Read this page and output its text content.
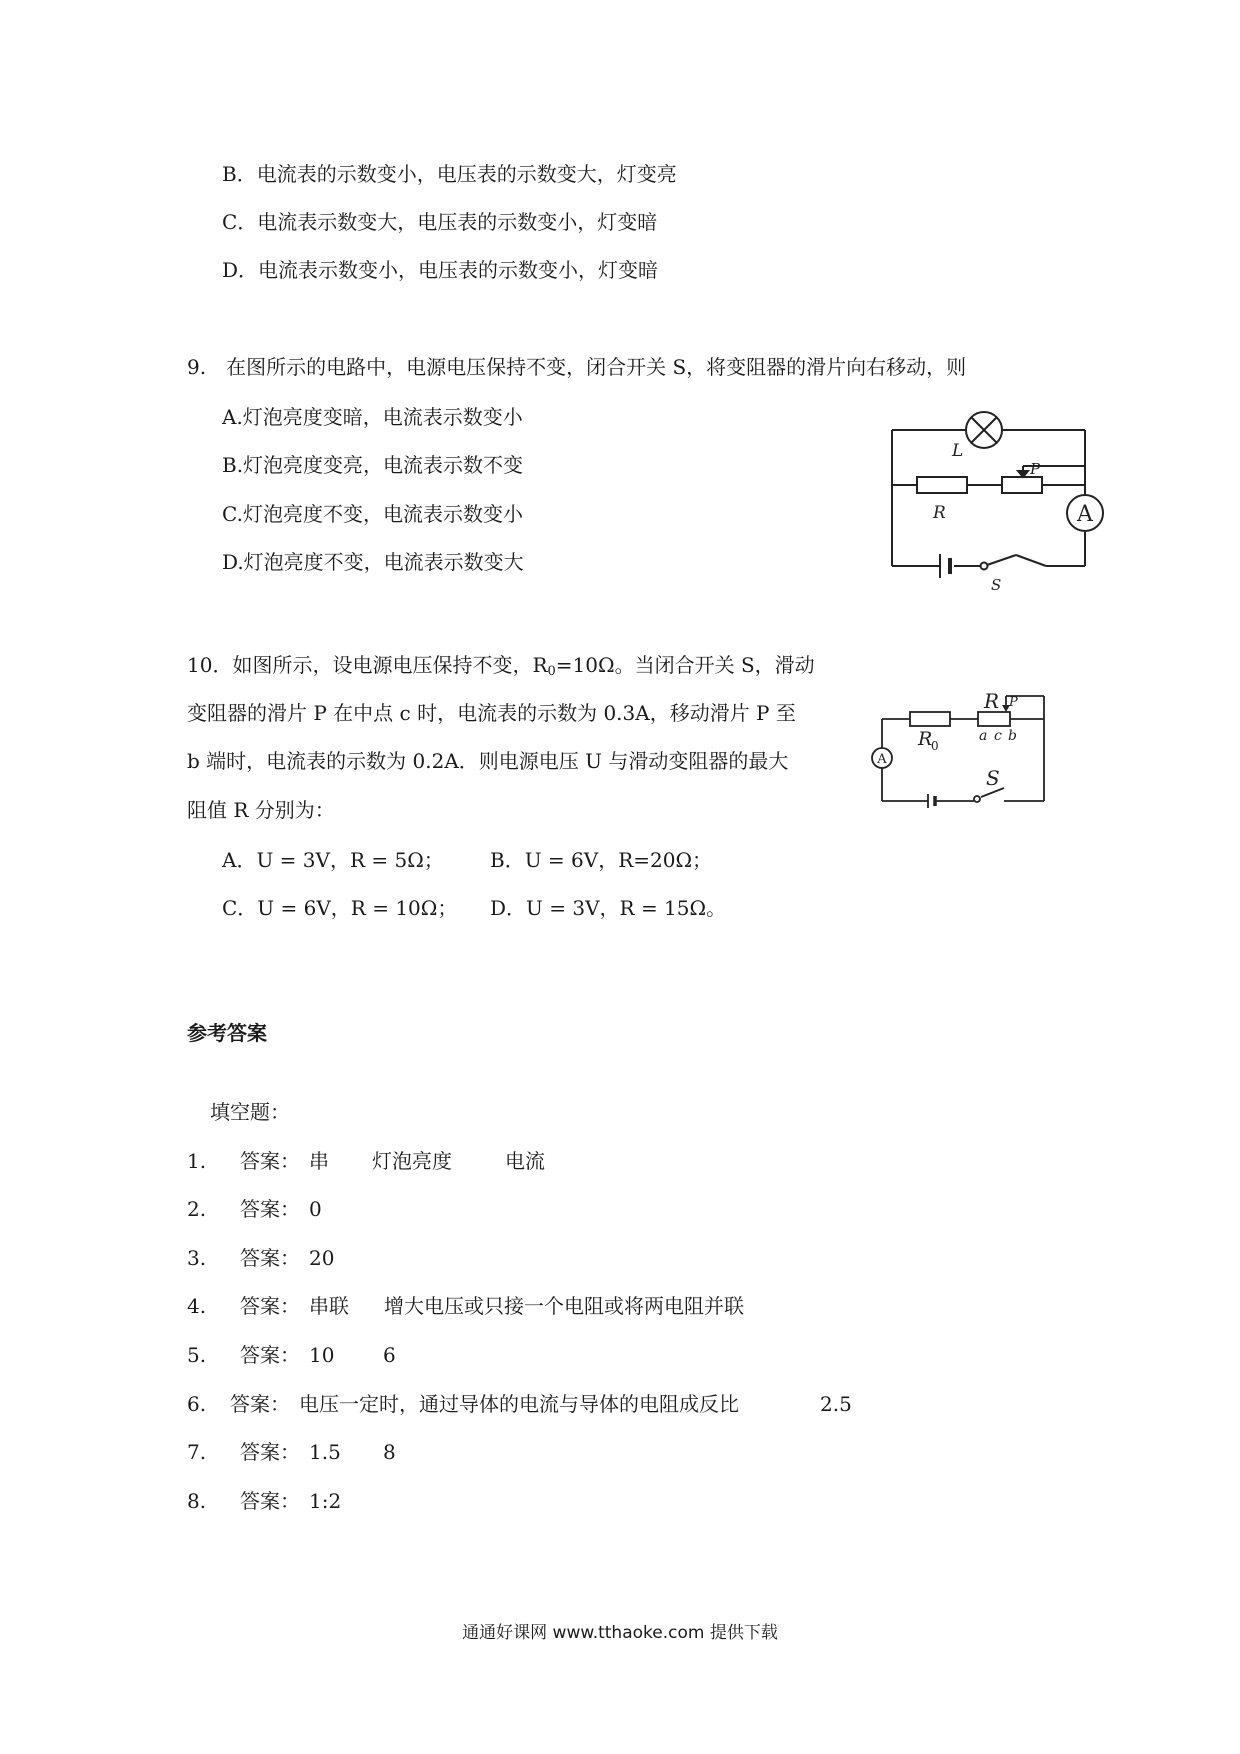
B．电流表的示数变小，电压表的示数变大，灯变亮
C．电流表示数变大，电压表的示数变小，灯变暗
D．电流表示数变小，电压表的示数变小，灯变暗
9.　在图所示的电路中，电源电压保持不变，闭合开关 S，将变阻器的滑片向右移动，则
A.灯泡亮度变暗，电流表示数变小
B.灯泡亮度变亮，电流表示数不变
C.灯泡亮度不变，电流表示数变小
D.灯泡亮度不变，电流表示数变大
A
L
R
P
S
10．如图所示，设电源电压保持不变，$R_0=10\Omega$。当闭合开关 S，滑动
变阻器的滑片 P 在中点 c 时，电流表的示数为 0.3A，移动滑片 P 至
b 端时，电流表的示数为 0.2A．则电源电压 U 与滑动变阻器的最大
阻值 R 分别为：
A．U = 3V，R = 5Ω； B．U = 6V，R=20Ω；
C．U = 6V，R = 10Ω； D．U = 3V，R = 15Ω。
A
R P
R
0
a c b
S
参考答案
填空题：
1. 答案： 串 灯泡亮度	电流
2. 答案： 0
3. 答案： 20
4. 答案： 串联 增大电压或只接一个电阻或将两电阻并联
5. 答案： 10 6
6. 答案： 电压一定时，通过导体的电流与导体的电阻成反比	2.5
7. 答案： 1.5 8
8. 答案： 1:2
通通好课网 www.tthaoke.com 提供下载
